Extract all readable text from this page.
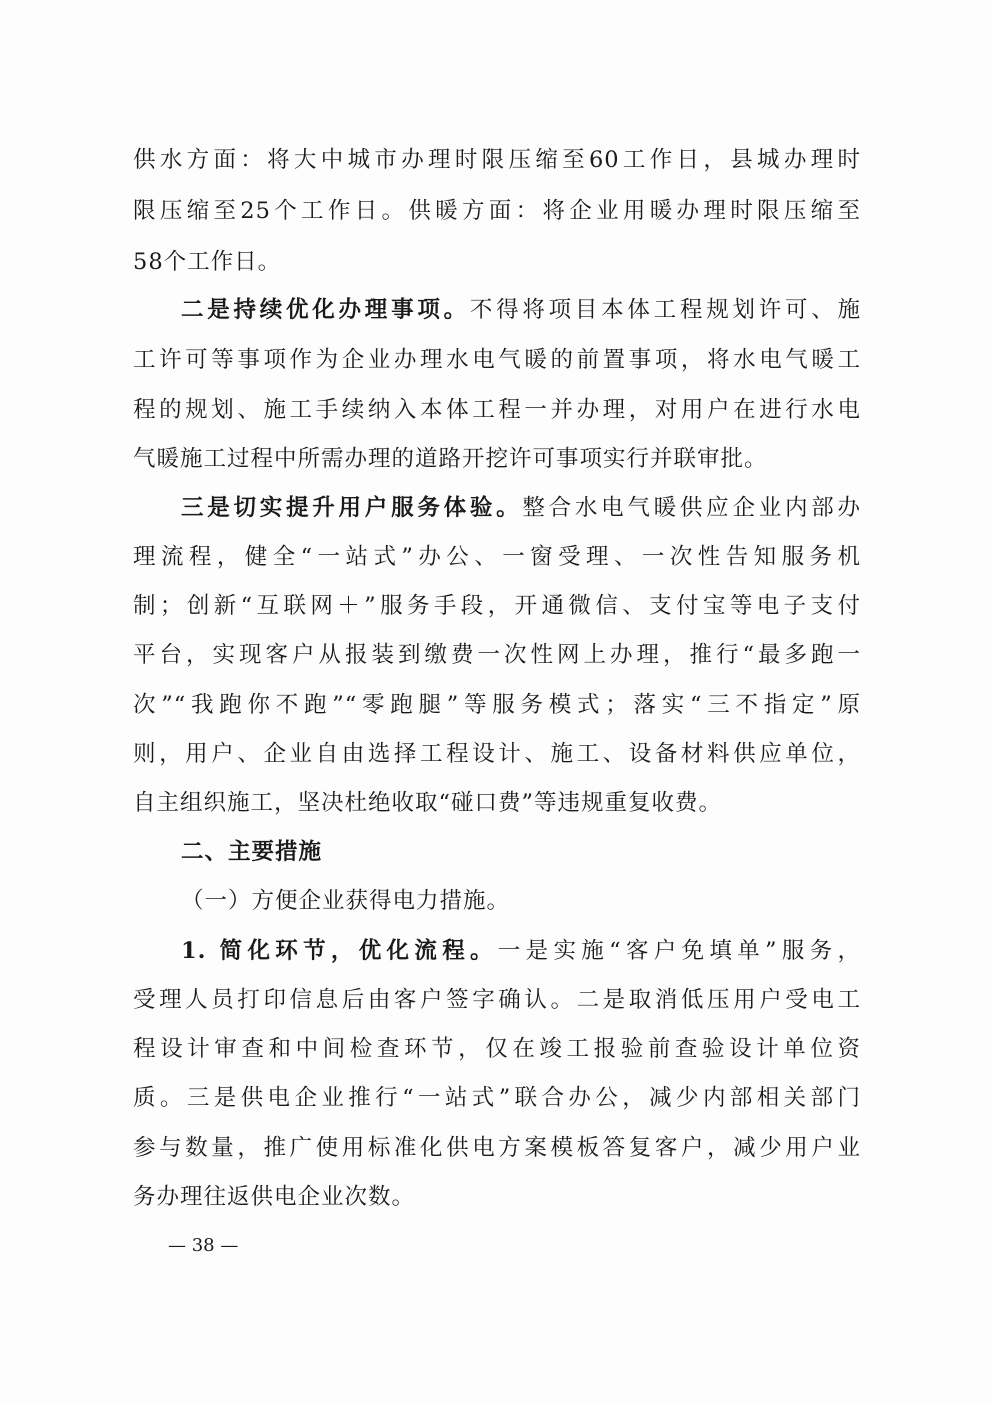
供水方面：将大中城市办理时限压缩至60工作日，县城办理时
限压缩至25个工作日。供暖方面：将企业用暖办理时限压缩至
58个工作日。
二是持续优化办理事项。不得将项目本体工程规划许可、施
工许可等事项作为企业办理水电气暖的前置事项，将水电气暖工
程的规划、施工手续纳入本体工程一并办理，对用户在进行水电
气暖施工过程中所需办理的道路开挖许可事项实行并联审批。
三是切实提升用户服务体验。整合水电气暖供应企业内部办
理流程，健全“一站式”办公、一窗受理、一次性告知服务机
制；创新“互联网＋”服务手段，开通微信、支付宝等电子支付
平台，实现客户从报装到缴费一次性网上办理，推行“最多跑一
次”“我跑你不跑”“零跑腿”等服务模式；落实“三不指定”原
则，用户、企业自由选择工程设计、施工、设备材料供应单位，
自主组织施工，坚决杜绝收取“碰口费”等违规重复收费。
二、主要措施
（一）方便企业获得电力措施。
1. 简化环节，优化流程。一是实施“客户免填单”服务，
受理人员打印信息后由客户签字确认。二是取消低压用户受电工
程设计审查和中间检查环节，仅在竣工报验前查验设计单位资
质。三是供电企业推行“一站式”联合办公，减少内部相关部门
参与数量，推广使用标准化供电方案模板答复客户，减少用户业
务办理往返供电企业次数。
— 38 —
